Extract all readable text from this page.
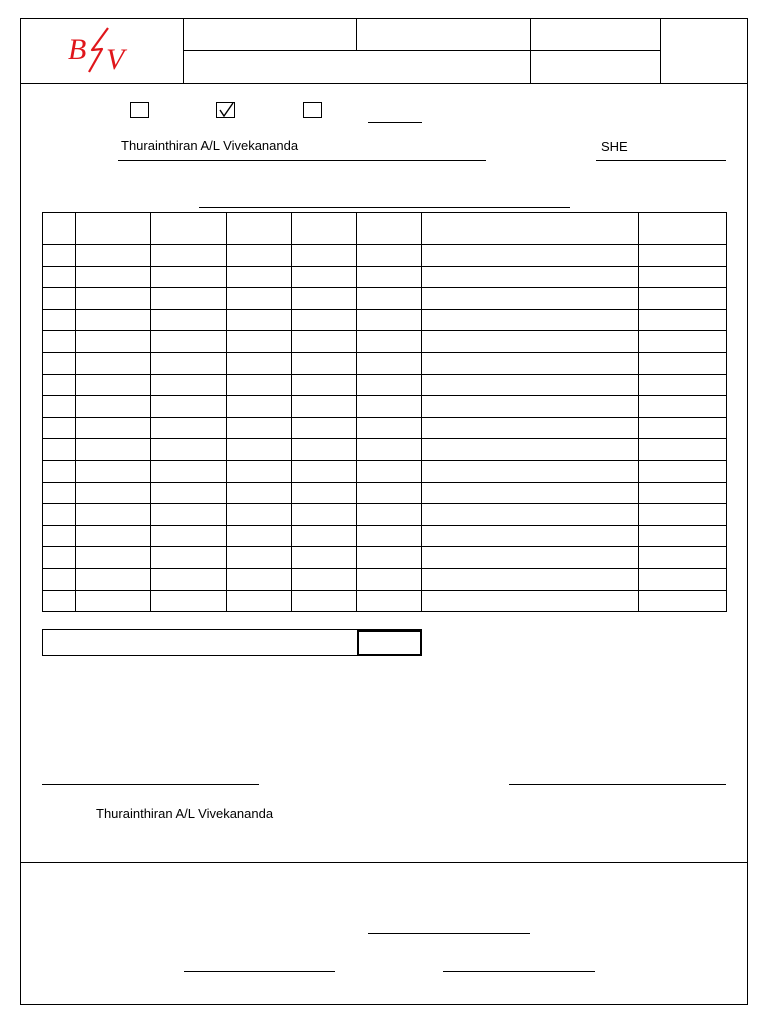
B V
Thurainthiran A/L Vivekananda	SHE

Thurainthiran A/L Vivekananda
